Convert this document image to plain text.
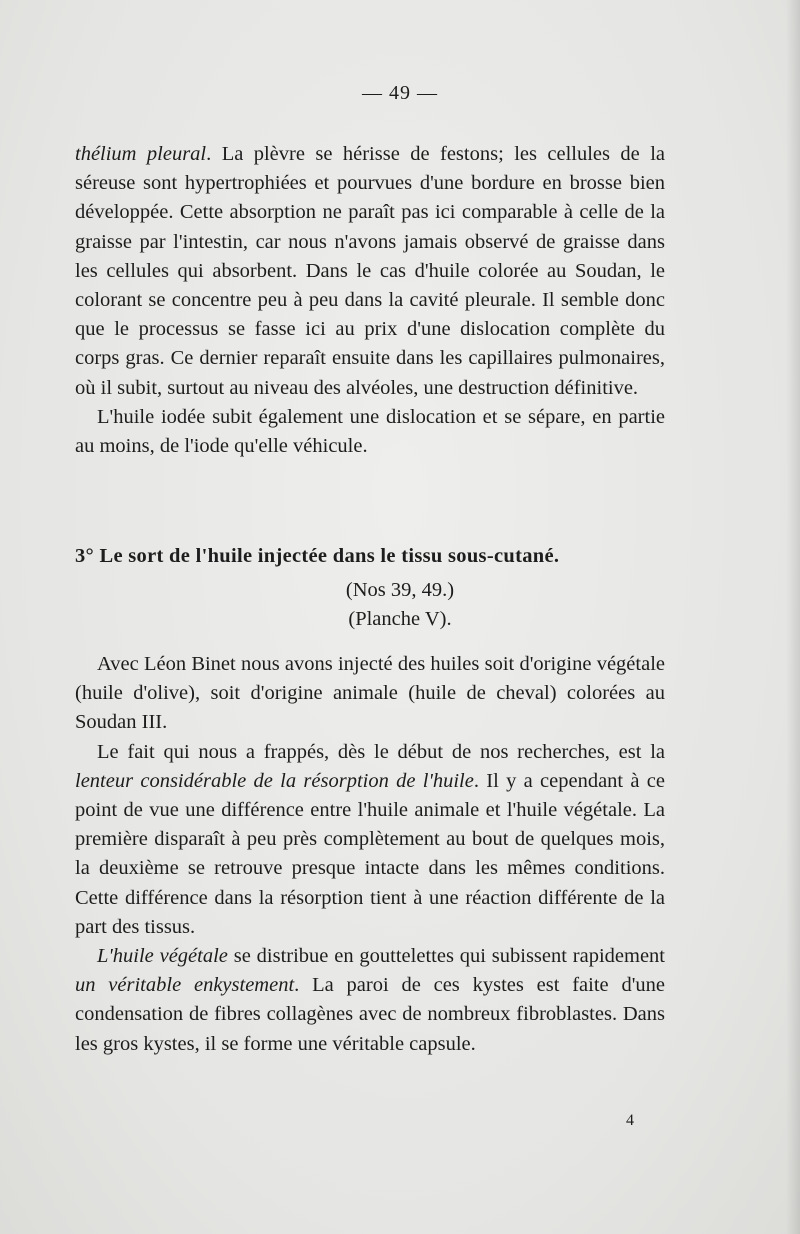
— 49 —

thélium pleural. La plèvre se hérisse de festons; les cellules de la séreuse sont hypertrophiées et pourvues d'une bordure en brosse bien développée. Cette absorption ne paraît pas ici comparable à celle de la graisse par l'intestin, car nous n'avons jamais observé de graisse dans les cellules qui absorbent. Dans le cas d'huile colorée au Soudan, le colorant se concentre peu à peu dans la cavité pleurale. Il semble donc que le processus se fasse ici au prix d'une dislocation complète du corps gras. Ce dernier reparaît ensuite dans les capillaires pulmonaires, où il subit, surtout au niveau des alvéoles, une destruction définitive.

L'huile iodée subit également une dislocation et se sépare, en partie au moins, de l'iode qu'elle véhicule.

3° Le sort de l'huile injectée dans le tissu sous-cutané.
(Nos 39, 49.)
(Planche V).

Avec Léon Binet nous avons injecté des huiles soit d'origine végétale (huile d'olive), soit d'origine animale (huile de cheval) colorées au Soudan III.

Le fait qui nous a frappés, dès le début de nos recherches, est la lenteur considérable de la résorption de l'huile. Il y a cependant à ce point de vue une différence entre l'huile animale et l'huile végétale. La première disparaît à peu près complètement au bout de quelques mois, la deuxième se retrouve presque intacte dans les mêmes conditions. Cette différence dans la résorption tient à une réaction différente de la part des tissus.

L'huile végétale se distribue en gouttelettes qui subissent rapidement un véritable enkystement. La paroi de ces kystes est faite d'une condensation de fibres collagènes avec de nombreux fibroblastes. Dans les gros kystes, il se forme une véritable capsule.

4
